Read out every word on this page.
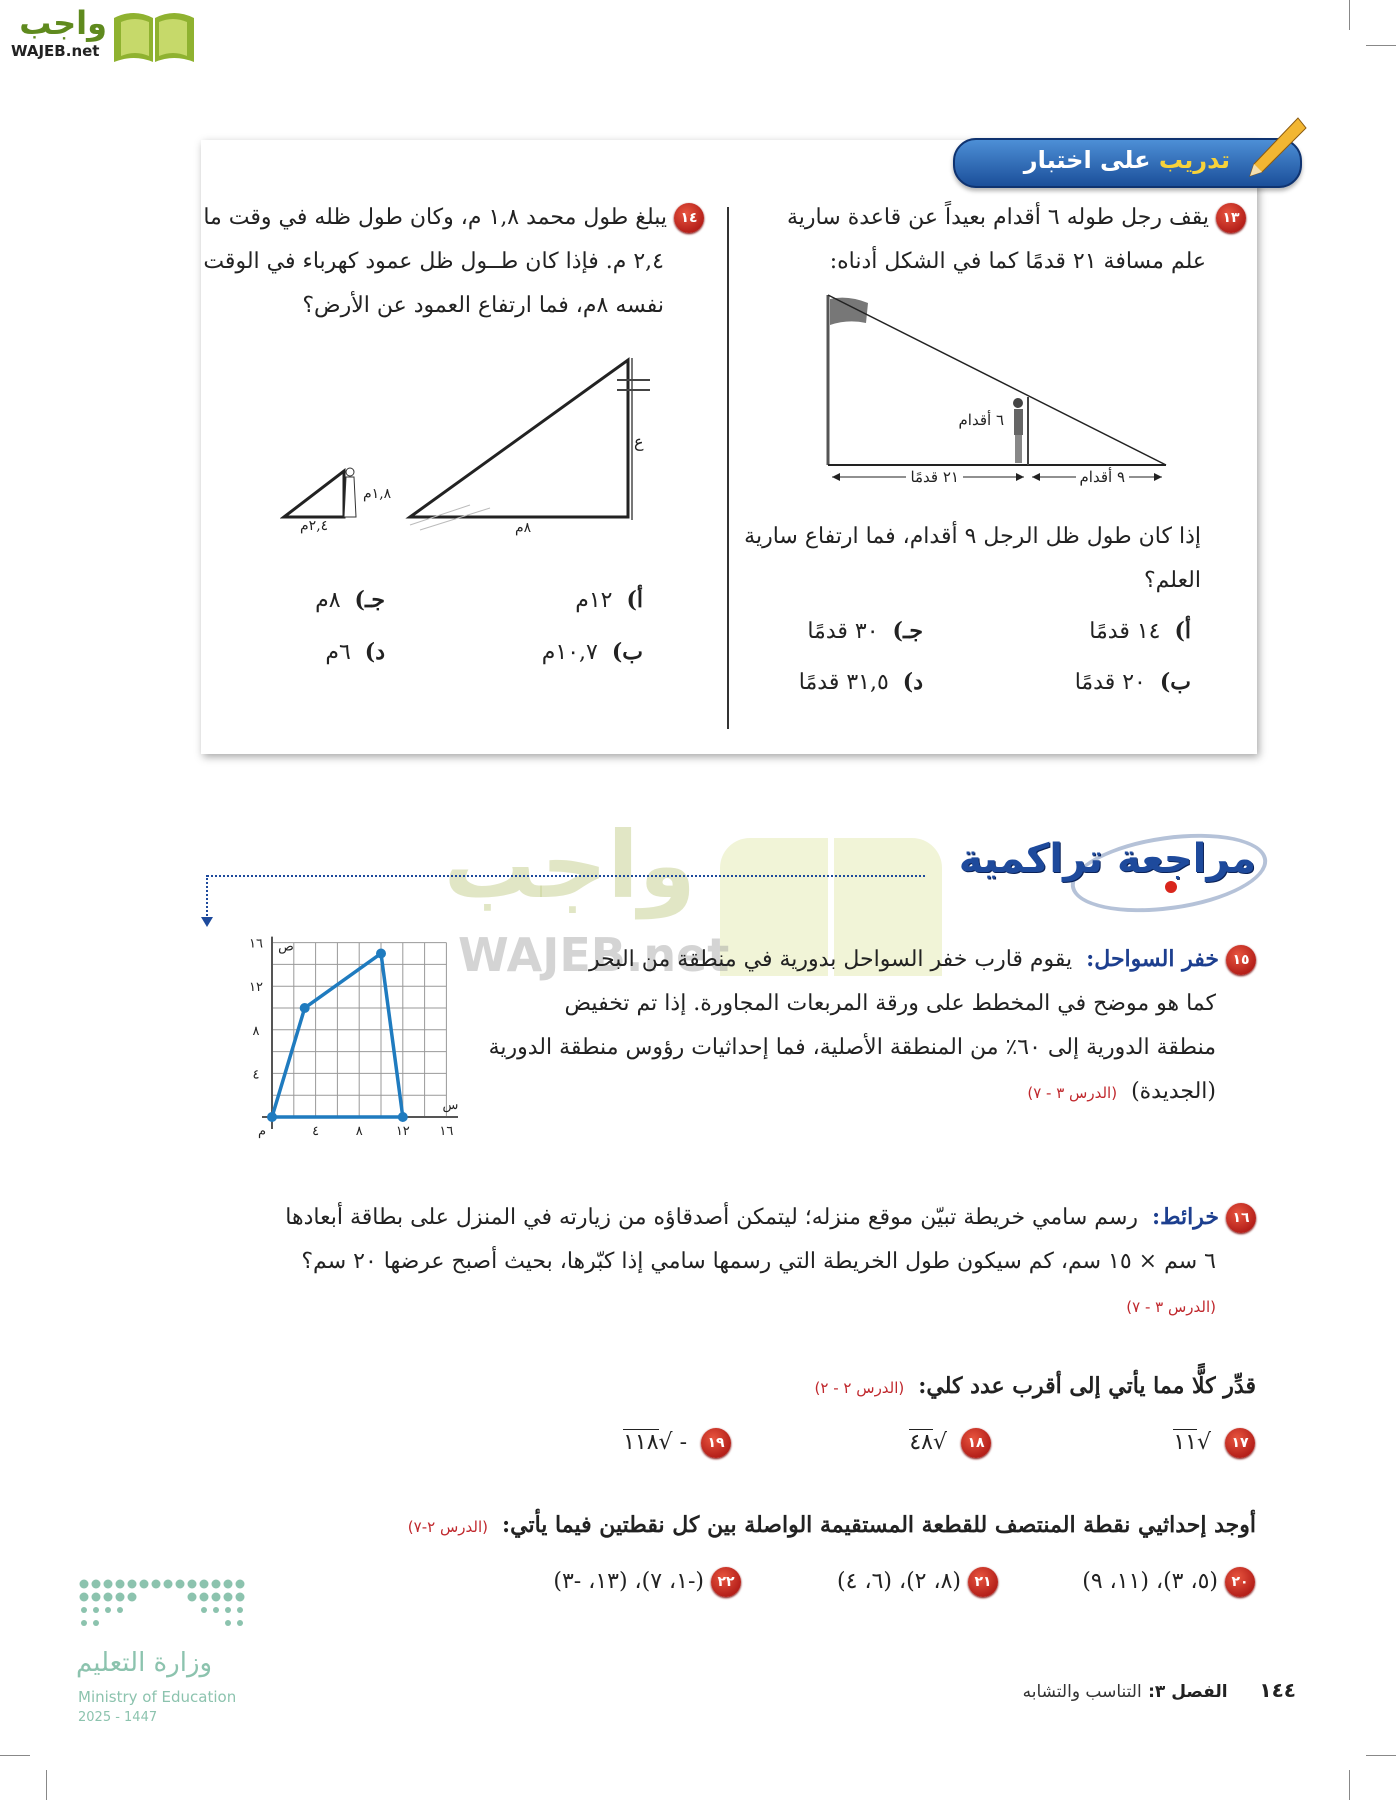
واجب
WAJEB.net
تدريب على اختبار
١٣ يقف رجل طوله ٦ أقدام بعيداً عن قاعدة سارية
علم مسافة ٢١ قدمًا كما في الشكل أدناه:
٦ أقدام
٢١ قدمًا	٩ أقدام
إذا كان طول ظل الرجل ٩ أقدام، فما ارتفاع سارية
العلم؟
أ)  ١٤ قدمًا
ب)  ٢٠ قدمًا
جـ)  ٣٠ قدمًا
د)  ٣١,٥ قدمًا
١٤ يبلغ طول محمد ١,٨ م، وكان طول ظله في وقت ما
٢,٤ م. فإذا كان طــول ظل عمود كهرباء في الوقت
نفسه ٨م، فما ارتفاع العمود عن الأرض؟
١,٨م
٢,٤م	٨م
ع
أ)  ١٢م
ب)  ١٠,٧م
جـ)  ٨م
د)  ٦م
واجب
WAJEB.net
مراجعة تراكمية
١٥ خفر السواحل:  يقوم قارب خفر السواحل بدورية في منطقة من البحر
كما هو موضح في المخطط على ورقة المربعات المجاورة. إذا تم تخفيض
منطقة الدورية إلى ٦٠٪ من المنطقة الأصلية، فما إحداثيات رؤوس منطقة الدورية
(الجديدة)  (الدرس ٣ - ٧)
٤	٨	١٢ ١٦
٤
٨
١٢
١٦
م
س
ص
١٦ خرائط:  رسم سامي خريطة تبيّن موقع منزله؛ ليتمكن أصدقاؤه من زيارته في المنزل على بطاقة أبعادها
٦ سم × ١٥ سم، كم سيكون طول الخريطة التي رسمها سامي إذا كبّرها، بحيث أصبح عرضها ٢٠ سم؟
(الدرس ٣ - ٧)
قدِّر كلًّا مما يأتي إلى أقرب عدد كلي:  (الدرس ٢ - ٢)
١٧  √١١
١٨  √٤٨
١٩  - √١١٨
أوجد إحداثيي نقطة المنتصف للقطعة المستقيمة الواصلة بين كل نقطتين فيما يأتي:  (الدرس ٢-٧)
٢٠ (٥، ٣)، (١١، ٩)
٢١ (٨، ٢)، (٦، ٤)
٢٢ (-١، ٧)، (١٣، -٣)
وزارة التعليم
Ministry of Education
2025 - 1447
١٤٤     الفصل ٣: التناسب والتشابه
